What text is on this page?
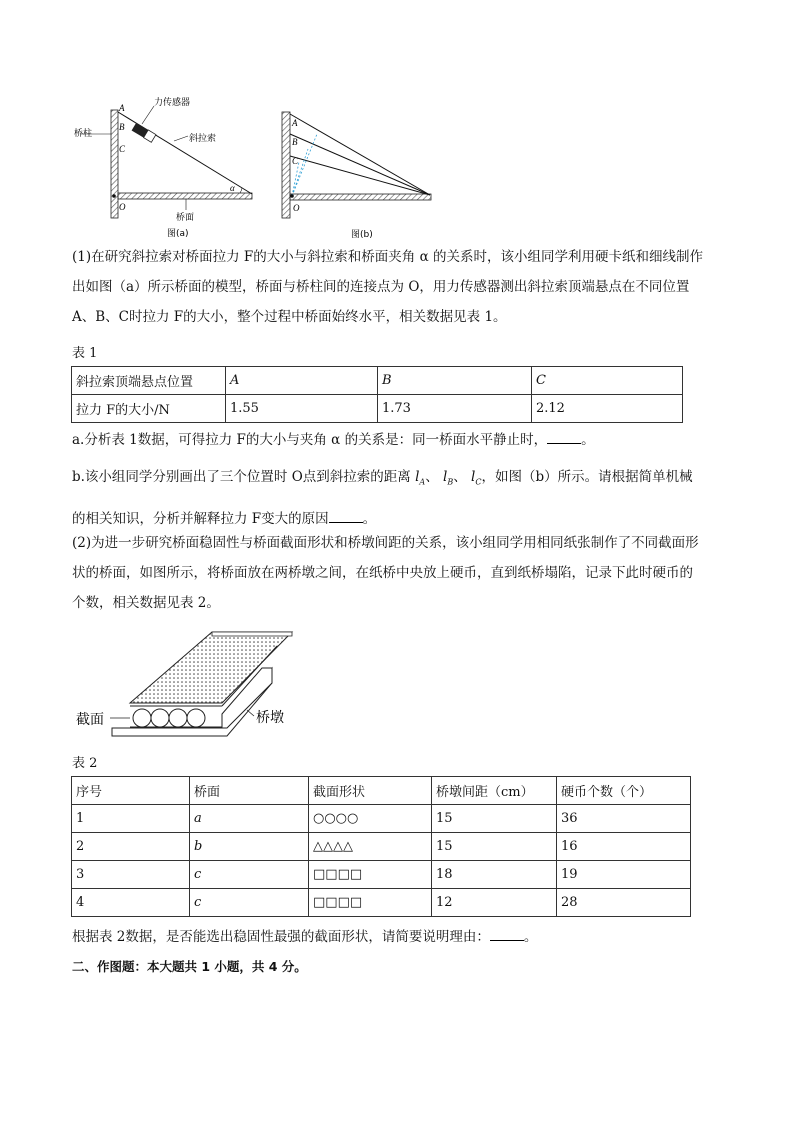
A
B
C
O
力传感器
桥柱	斜拉索
桥面
α
图(a)
A
B
C
O
图(b)
(1)在研究斜拉索对桥面拉力 F的大小与斜拉索和桥面夹角 α 的关系时，该小组同学利用硬卡纸和细线制作
出如图（a）所示桥面的模型，桥面与桥柱间的连接点为 O，用力传感器测出斜拉索顶端悬点在不同位置
A、B、C时拉力 F的大小，整个过程中桥面始终水平，相关数据见表 1。
表 1
斜拉索顶端悬点位置	A	B	C
拉力 F的大小/N	1.55	1.73	2.12
a.分析表 1数据，可得拉力 F的大小与夹角 α 的关系是：同一桥面水平静止时，	。
b.该小组同学分别画出了三个位置时 O点到斜拉索的距离 $l_A$、 $l_B$、 $l_C$，如图（b）所示。请根据简单机械
的相关知识，分析并解释拉力 F变大的原因	。
(2)为进一步研究桥面稳固性与桥面截面形状和桥墩间距的关系，该小组同学用相同纸张制作了不同截面形
状的桥面，如图所示，将桥面放在两桥墩之间，在纸桥中央放上硬币，直到纸桥塌陷，记录下此时硬币的
个数，相关数据见表 2。
截面	桥墩
表 2
序号	桥面	截面形状	桥墩间距（cm）	硬币个数（个）
1	a	○○○○	15	36
2	b	△△△△	15	16
3	c	□□□□	18	19
4	c	□□□□	12	28
根据表 2数据，是否能选出稳固性最强的截面形状，请简要说明理由：	。
二、作图题：本大题共 1 小题，共 4 分。
